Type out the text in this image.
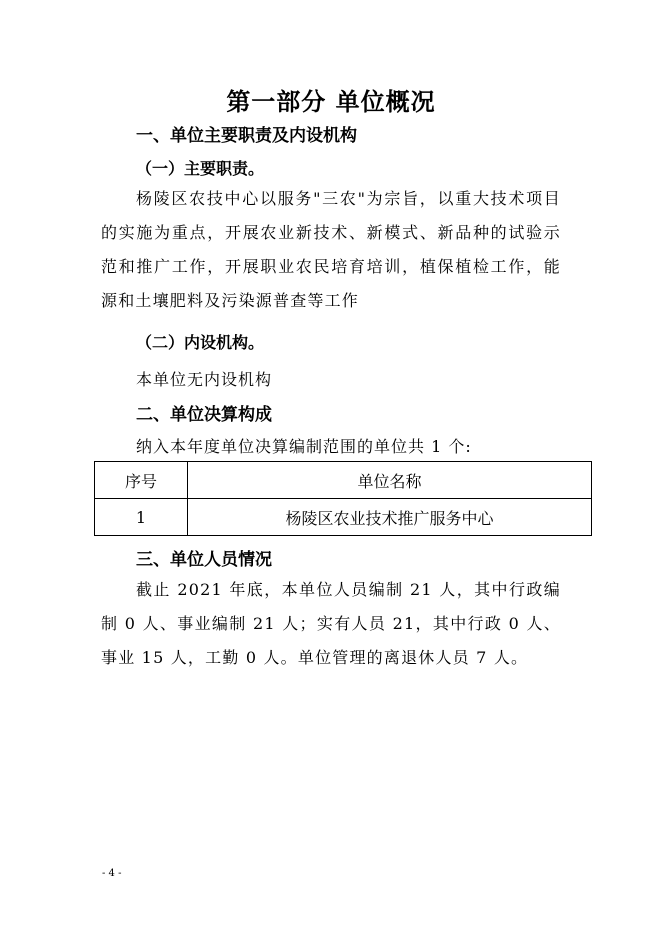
第一部分 单位概况
一、单位主要职责及内设机构
（一）主要职责。

杨陵区农技中心以服务"三农"为宗旨，以重大技术项目的实施为重点，开展农业新技术、新模式、新品种的试验示范和推广工作，开展职业农民培育培训，植保植检工作，能源和土壤肥料及污染源普查等工作

（二）内设机构。

本单位无内设机构

二、单位决算构成

纳入本年度单位决算编制范围的单位共 1 个:

序号	单位名称
1	杨陵区农业技术推广服务中心
三、单位人员情况

截止 2021 年底，本单位人员编制 21 人，其中行政编制 0 人、事业编制 21 人；实有人员 21，其中行政 0 人、事业 15 人，工勤 0 人。单位管理的离退休人员 7 人。

- 4 -
